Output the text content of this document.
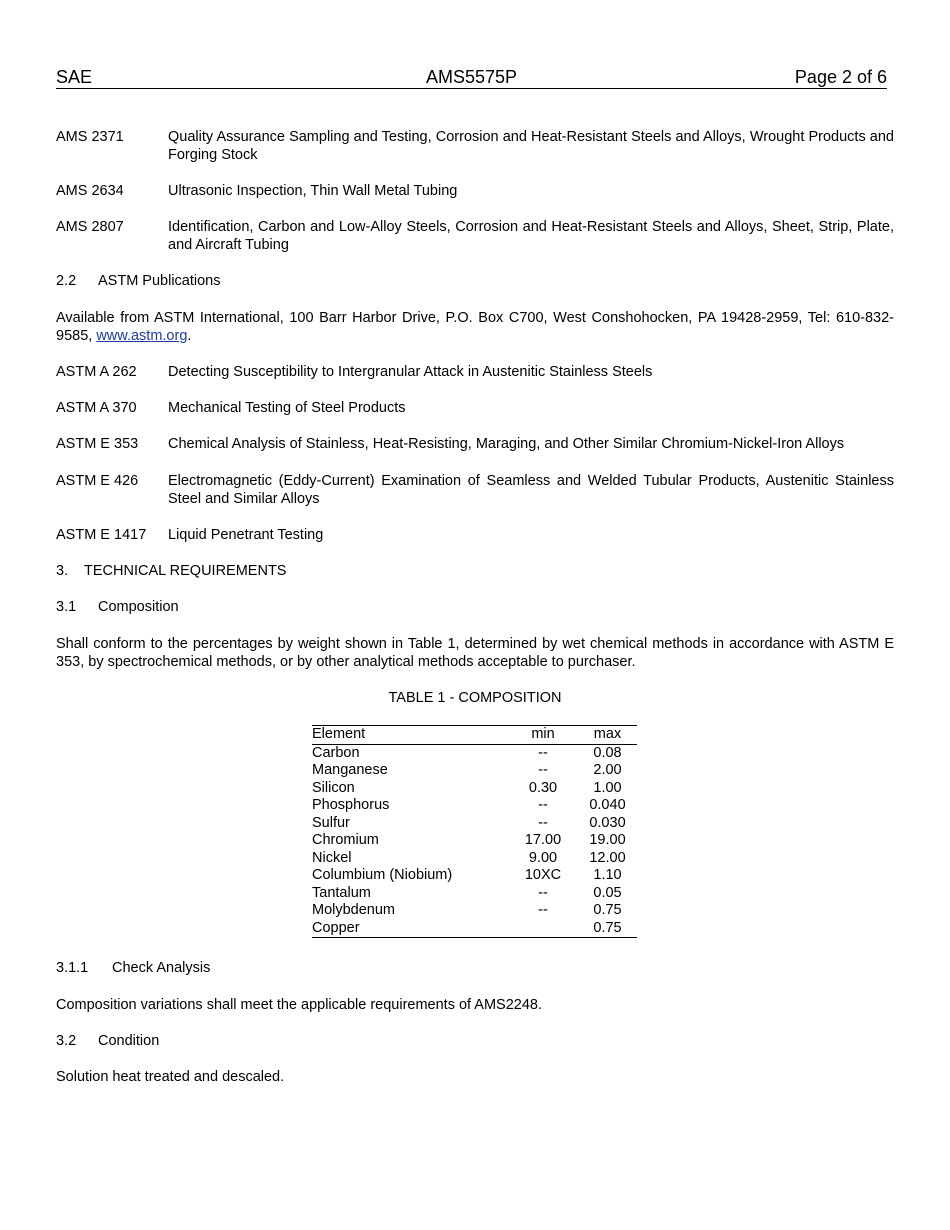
SAE	AMS5575P	Page 2 of 6
AMS 2371	Quality Assurance Sampling and Testing, Corrosion and Heat-Resistant Steels and Alloys, Wrought Products and Forging Stock
AMS 2634	Ultrasonic Inspection, Thin Wall Metal Tubing
AMS 2807	Identification, Carbon and Low-Alloy Steels, Corrosion and Heat-Resistant Steels and Alloys, Sheet, Strip, Plate, and Aircraft Tubing
2.2 ASTM Publications
Available from ASTM International, 100 Barr Harbor Drive, P.O. Box C700, West Conshohocken, PA 19428-2959, Tel: 610-832-9585, www.astm.org.
ASTM A 262	Detecting Susceptibility to Intergranular Attack in Austenitic Stainless Steels
ASTM A 370	Mechanical Testing of Steel Products
ASTM E 353	Chemical Analysis of Stainless, Heat-Resisting, Maraging, and Other Similar Chromium-Nickel-Iron Alloys
ASTM E 426	Electromagnetic (Eddy-Current) Examination of Seamless and Welded Tubular Products, Austenitic Stainless Steel and Similar Alloys
ASTM E 1417	Liquid Penetrant Testing
3. TECHNICAL REQUIREMENTS
3.1 Composition
Shall conform to the percentages by weight shown in Table 1, determined by wet chemical methods in accordance with ASTM E 353, by spectrochemical methods, or by other analytical methods acceptable to purchaser.
TABLE 1 - COMPOSITION
Element	min	max
Carbon	--	0.08
Manganese	--	2.00
Silicon	0.30	1.00
Phosphorus	--	0.040
Sulfur	--	0.030
Chromium	17.00	19.00
Nickel	9.00	12.00
Columbium (Niobium)	10XC	1.10
Tantalum	--	0.05
Molybdenum	--	0.75
Copper		0.75
3.1.1 Check Analysis
Composition variations shall meet the applicable requirements of AMS2248.
3.2 Condition
Solution heat treated and descaled.
